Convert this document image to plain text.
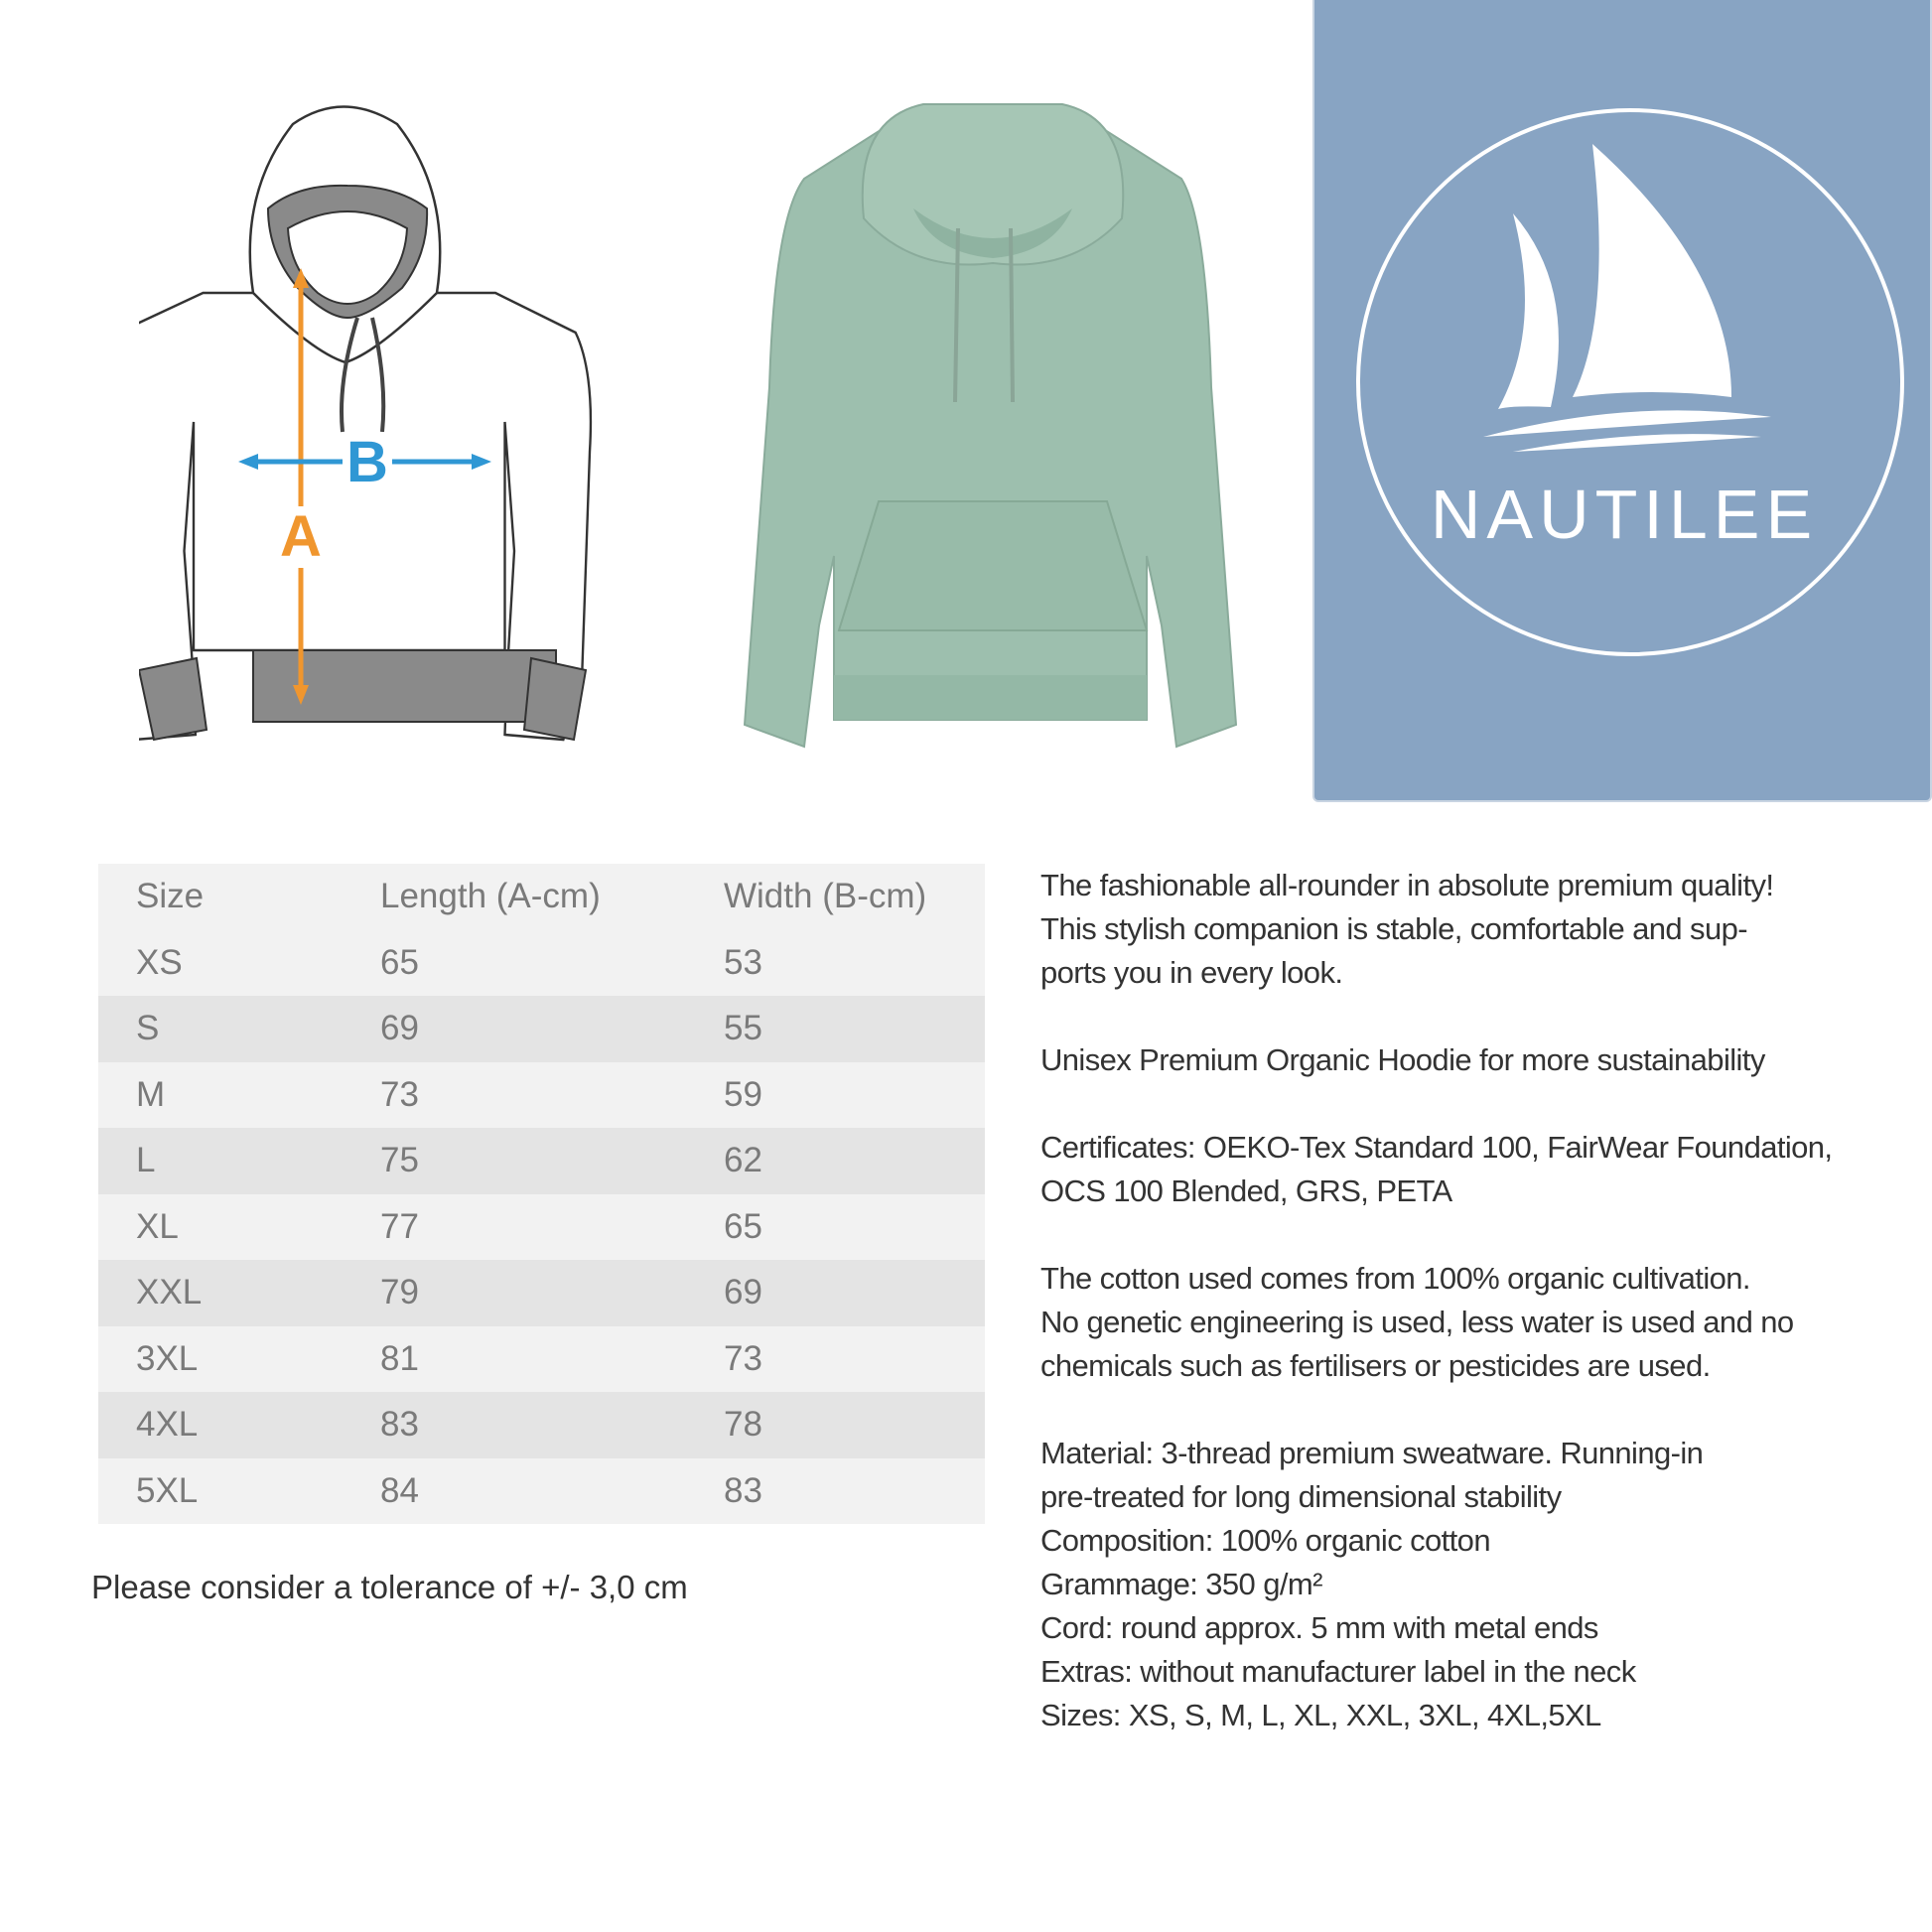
A
B
NAUTILEE
Size	Length (A-cm)	Width (B-cm)
XS	65	53
S	69	55
M	73	59
L	75	62
XL	77	65
XXL	79	69
3XL	81	73
4XL	83	78
5XL	84	83
Please consider a tolerance of +/- 3,0 cm

The fashionable all-rounder in absolute premium quality!
This stylish companion is stable, comfortable and sup-
ports you in every look.

Unisex Premium Organic Hoodie for more sustainability

Certificates: OEKO-Tex Standard 100, FairWear Foundation,
OCS 100 Blended, GRS, PETA

The cotton used comes from 100% organic cultivation.
No genetic engineering is used, less water is used and no
chemicals such as fertilisers or pesticides are used.

Material: 3-thread premium sweatware. Running-in
pre-treated for long dimensional stability
Composition: 100% organic cotton
Grammage: 350 g/m²
Cord: round approx. 5 mm with metal ends
Extras: without manufacturer label in the neck
Sizes: XS, S, M, L, XL, XXL, 3XL, 4XL,5XL
